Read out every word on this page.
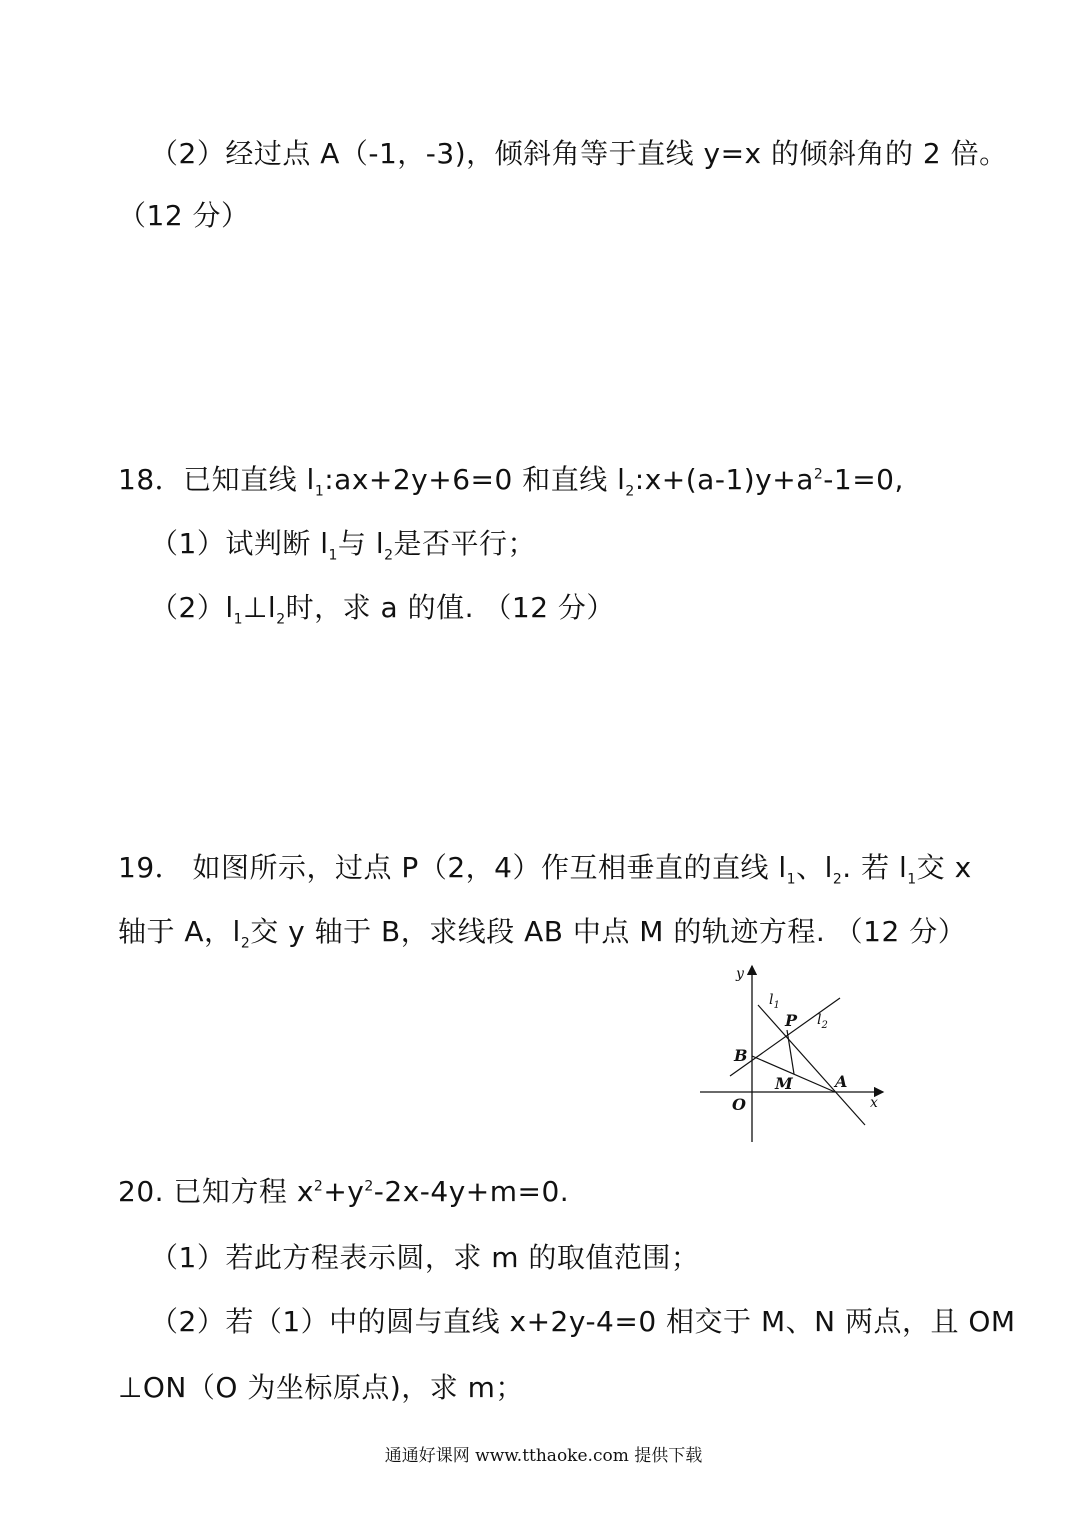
（2）经过点 A（-1，-3)，倾斜角等于直线 y=x 的倾斜角的 2 倍。
（12 分）
18．已知直线 $l_1:ax+2y+6=0$ 和直线 $l_2:x+(a-1)y+a^2-1=0$,
（1）试判断 $l_1$与 $l_2$是否平行；
$(2)l_1\perp l_2$时，求 a 的值. （12 分）
19． 如图所示，过点 P（2，4）作互相垂直的直线 $l_1$、$l_2$. 若 $l_1$交 x
轴于 A，$l_2$交 y 轴于 B，求线段 AB 中点 M 的轨迹方程. （12 分）
y
x
O
B
M	A
P
$l_1$
$l_2$
20. 已知方程 $x^2+y^2-2x-4y+m=0$.
（1）若此方程表示圆，求 m 的取值范围；
（2）若（1）中的圆与直线 x+2y-4=0 相交于 M、N 两点，且 OM
⊥ON（O 为坐标原点)，求 m；
通通好课网 www.tthaoke.com 提供下载
